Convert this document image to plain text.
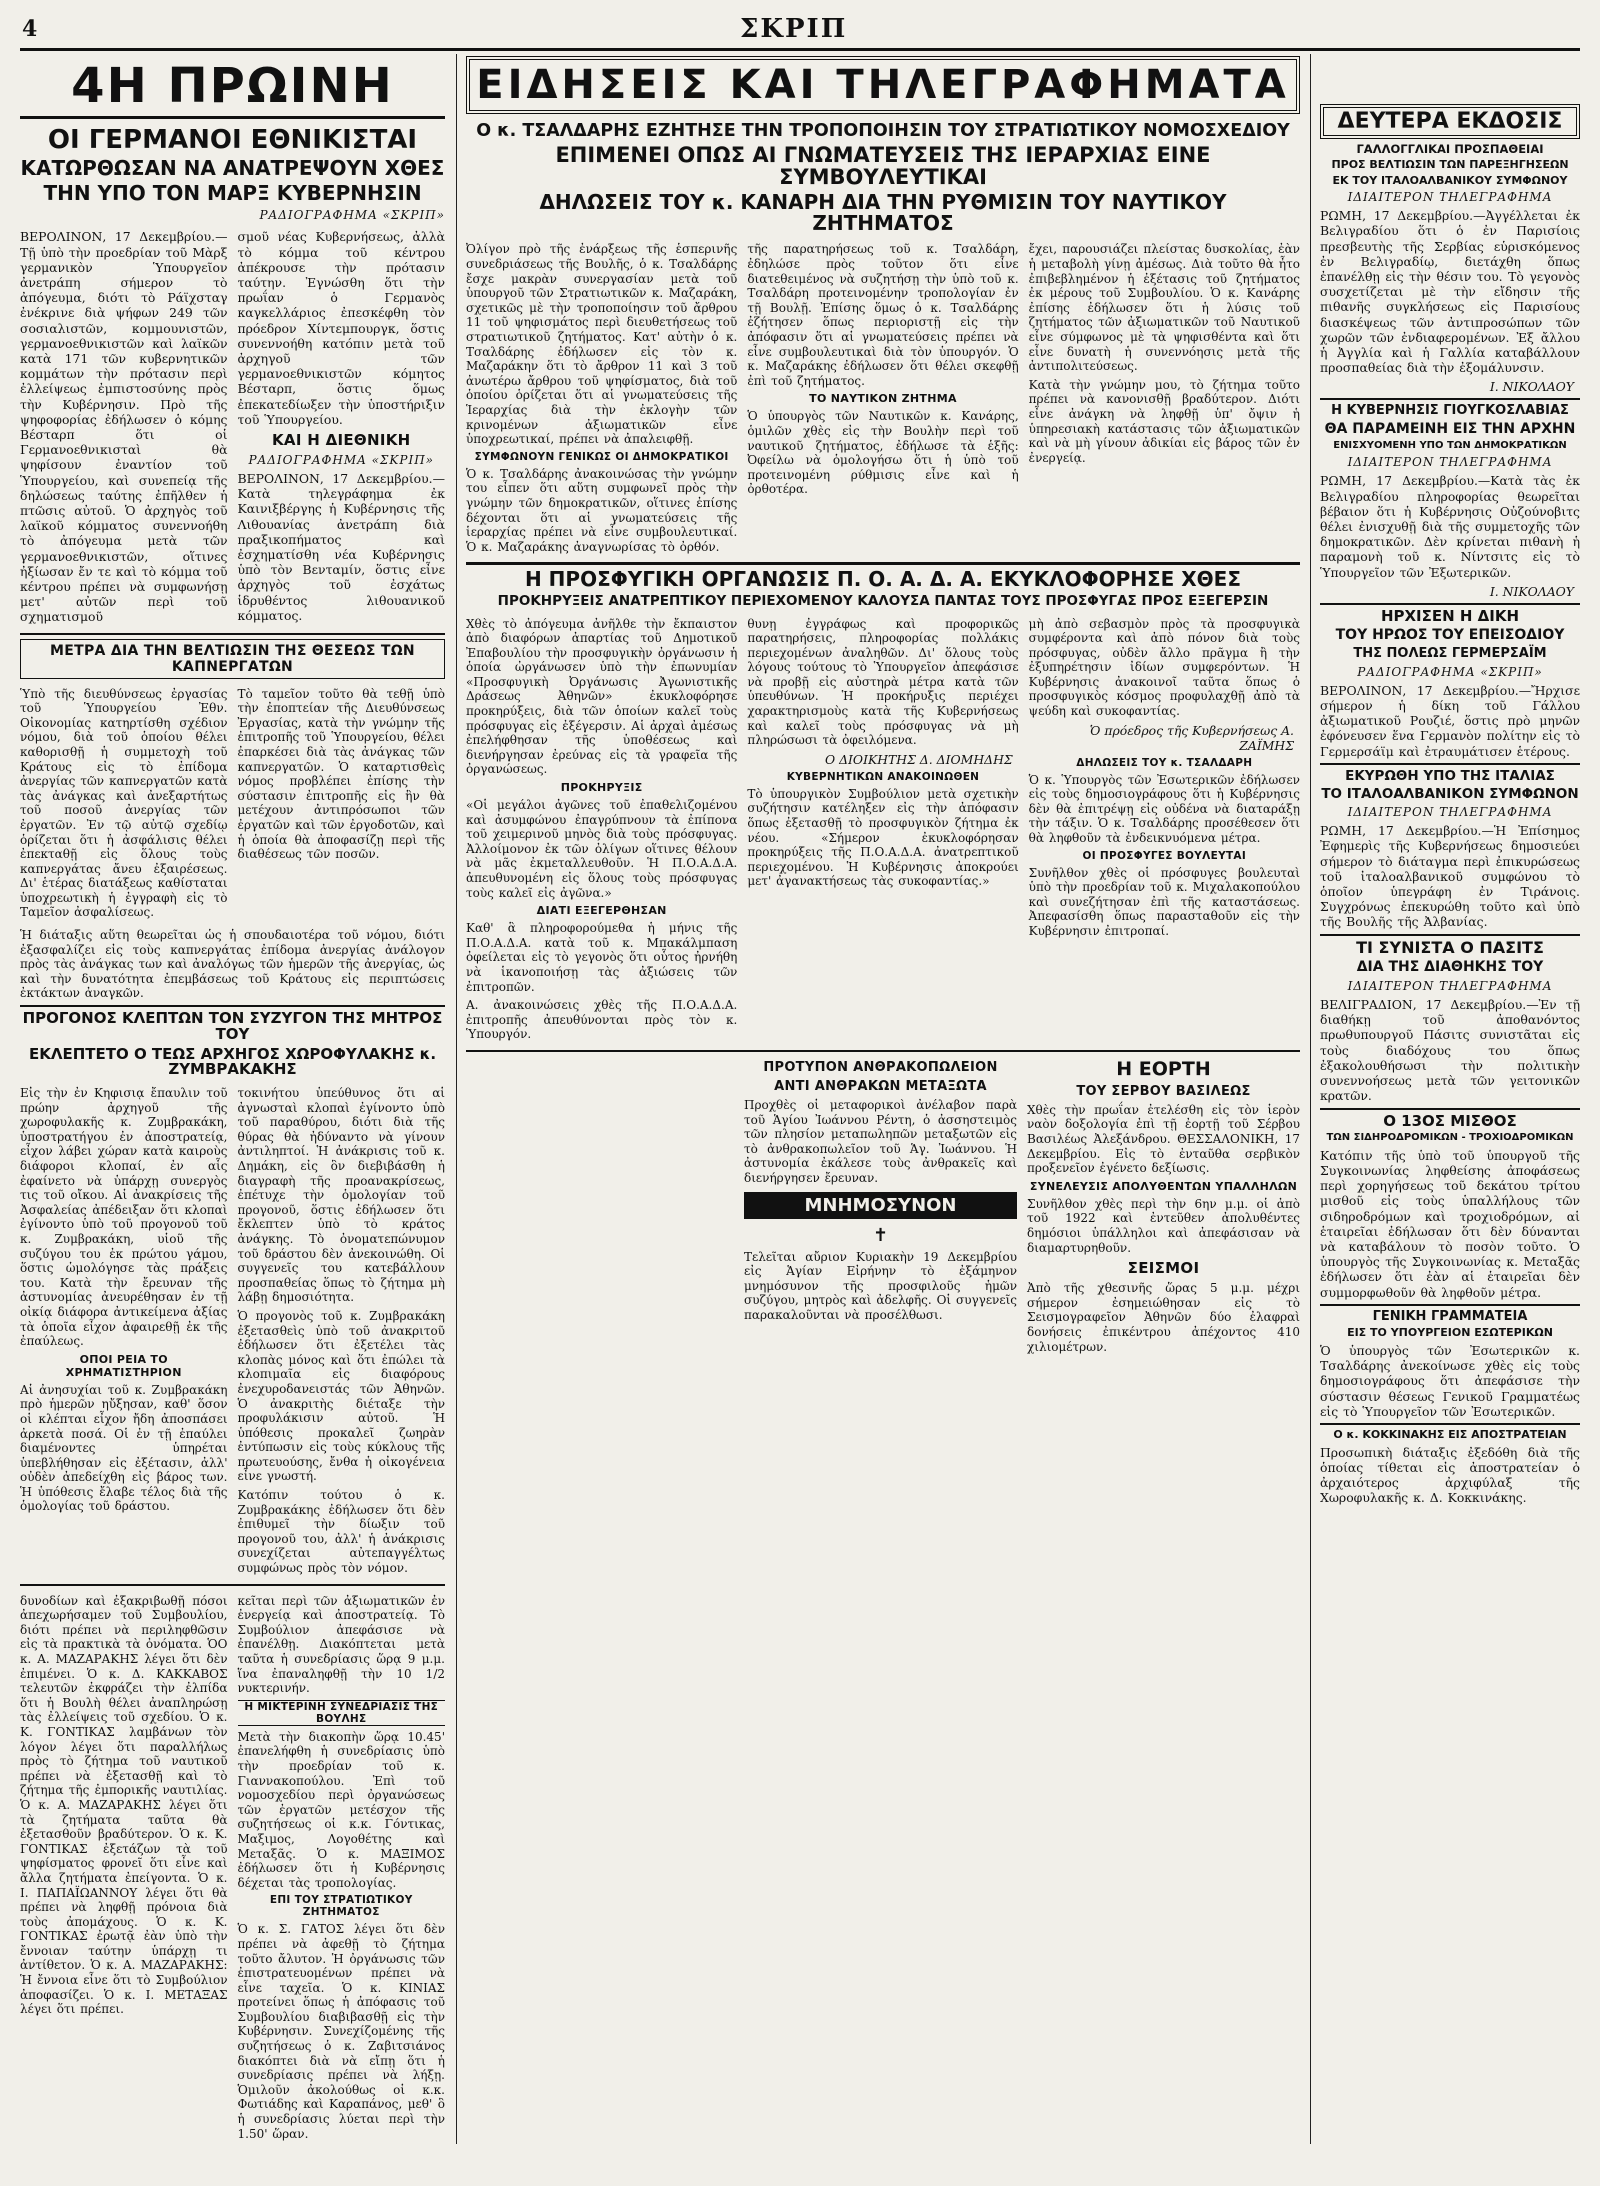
4	ΣΚΡΙΠ
4Η ΠΡΩΙΝΗ
ΟΙ ΓΕΡΜΑΝΟΙ ΕΘΝΙΚΙΣΤΑΙ
ΚΑΤΩΡΘΩΣΑΝ ΝΑ ΑΝΑΤΡΕΨΟΥΝ ΧΘΕΣ
ΤΗΝ ΥΠΟ ΤΟΝ ΜΑΡΞ ΚΥΒΕΡΝΗΣΙΝ
ΡΑΔΙΟΓΡΑΦΗΜΑ «ΣΚΡΙΠ»

ΒΕΡΟΛΙΝΟΝ, 17 Δεκεμβρίου.—Τῇ ὑπὸ τὴν προεδρίαν τοῦ Μὰρξ γερμανικὸν Ὑπουργεῖον ἀνετράπη σήμερον τὸ ἀπόγευμα, διότι τὸ Ράϊχσταγ ἐνέκρινε διὰ ψήφων 249 τῶν σοσιαλιστῶν, κομμουνιστῶν, γερμανοεθνικιστῶν καὶ λαϊκῶν κατὰ 171 τῶν κυβερνητικῶν κομμάτων τὴν πρότασιν περὶ ἐλλείψεως ἐμπιστοσύνης πρὸς τὴν Κυβέρνησιν. Πρὸ τῆς ψηφοφορίας ἐδήλωσεν ὁ κόμης Βέσταρπ ὅτι οἱ Γερμανοεθνικισταὶ θὰ ψηφίσουν ἐναντίον τοῦ Ὑπουργείου, καὶ συνεπείᾳ τῆς δηλώσεως ταύτης ἐπῆλθεν ἡ πτῶσις αὐτοῦ. Ὁ ἀρχηγὸς τοῦ λαϊκοῦ κόμματος συνεννοήθη τὸ ἀπόγευμα μετὰ τῶν γερμανοεθνικιστῶν, οἵτινες ἠξίωσαν ἔν τε καὶ τὸ κόμμα τοῦ κέντρου πρέπει νὰ συμφωνήσῃ μετ' αὐτῶν περὶ τοῦ σχηματισμοῦ

σμοῦ νέας Κυβερνήσεως, ἀλλὰ τὸ κόμμα τοῦ κέντρου ἀπέκρουσε τὴν πρότασιν ταύτην. Ἐγνώσθη ὅτι τὴν πρωΐαν ὁ Γερμανὸς καγκελλάριος ἐπεσκέφθη τὸν πρόεδρον Χίντεμπουργκ, ὅστις συνεννοήθη κατόπιν μετὰ τοῦ ἀρχηγοῦ τῶν γερμανοεθνικιστῶν κόμητος Βέσταρπ, ὅστις ὅμως ἐπεκατεδίωξεν τὴν ὑποστήριξιν τοῦ Ὑπουργείου.

ΚΑΙ Η ΔΙΕΘΝΙΚΗ
ΡΑΔΙΟΓΡΑΦΗΜΑ «ΣΚΡΙΠ»

ΒΕΡΟΛΙΝΟΝ, 17 Δεκεμβρίου.—Κατὰ τηλεγράφημα ἐκ Καινιξβέργης ἡ Κυβέρνησις τῆς Λιθουανίας ἀνετράπη διὰ πραξικοπήματος καὶ ἐσχηματίσθη νέα Κυβέρνησις ὑπὸ τὸν Βενταμίν, ὅστις εἶνε ἀρχηγὸς τοῦ ἐσχάτως ἱδρυθέντος λιθουανικοῦ κόμματος.

ΜΕΤΡΑ ΔΙΑ ΤΗΝ ΒΕΛΤΙΩΣΙΝ ΤΗΣ ΘΕΣΕΩΣ ΤΩΝ ΚΑΠΝΕΡΓΑΤΩΝ

Ὑπὸ τῆς διευθύνσεως ἐργασίας τοῦ Ὑπουργείου Ἐθν. Οἰκονομίας κατηρτίσθη σχέδιον νόμου, διὰ τοῦ ὁποίου θέλει καθορισθῇ ἡ συμμετοχὴ τοῦ Κράτους εἰς τὸ ἐπίδομα ἀνεργίας τῶν καπνεργατῶν κατὰ τὰς ἀνάγκας καὶ ἀνεξαρτήτως τοῦ ποσοῦ ἀνεργίας τῶν ἐργατῶν. Ἐν τῷ αὐτῷ σχεδίῳ ὁρίζεται ὅτι ἡ ἀσφάλισις θέλει ἐπεκταθῇ εἰς ὅλους τοὺς καπνεργάτας ἄνευ ἐξαιρέσεως. Δι' ἑτέρας διατάξεως καθίσταται ὑποχρεωτικὴ ἡ ἐγγραφὴ εἰς τὸ Ταμεῖον ἀσφαλίσεως.

Τὸ ταμεῖον τοῦτο θὰ τεθῇ ὑπὸ τὴν ἐποπτείαν τῆς Διευθύνσεως Ἐργασίας, κατὰ τὴν γνώμην τῆς ἐπιτροπῆς τοῦ Ὑπουργείου, θέλει ἐπαρκέσει διὰ τὰς ἀνάγκας τῶν καπνεργατῶν. Ὁ καταρτισθεὶς νόμος προβλέπει ἐπίσης τὴν σύστασιν ἐπιτροπῆς εἰς ἣν θὰ μετέχουν ἀντιπρόσωποι τῶν ἐργατῶν καὶ τῶν ἐργοδοτῶν, καὶ ἡ ὁποία θὰ ἀποφασίζῃ περὶ τῆς διαθέσεως τῶν ποσῶν.

Ἡ διάταξις αὕτη θεωρεῖται ὡς ἡ σπουδαιοτέρα τοῦ νόμου, διότι ἐξασφαλίζει εἰς τοὺς καπνεργάτας ἐπίδομα ἀνεργίας ἀνάλογον πρὸς τὰς ἀνάγκας των καὶ ἀναλόγως τῶν ἡμερῶν τῆς ἀνεργίας, ὡς καὶ τὴν δυνατότητα ἐπεμβάσεως τοῦ Κράτους εἰς περιπτώσεις ἐκτάκτων ἀναγκῶν.

ΠΡΟΓΟΝΟΣ ΚΛΕΠΤΩΝ ΤΟΝ ΣΥΖΥΓΟΝ ΤΗΣ ΜΗΤΡΟΣ ΤΟΥ
ΕΚΛΕΠΤΕΤΟ Ο ΤΕΩΣ ΑΡΧΗΓΟΣ ΧΩΡΟΦΥΛΑΚΗΣ κ. ΖΥΜΒΡΑΚΑΚΗΣ

Εἰς τὴν ἐν Κηφισιᾳ ἔπαυλιν τοῦ πρώην ἀρχηγοῦ τῆς χωροφυλακῆς κ. Ζυμβρακάκη, ὑποστρατήγου ἐν ἀποστρατείᾳ, εἶχον λάβει χώραν κατὰ καιροὺς διάφοροι κλοπαί, ἐν αἷς ἐφαίνετο νὰ ὑπάρχῃ συνεργὸς τις τοῦ οἴκου. Αἱ ἀνακρίσεις τῆς Ἀσφαλείας ἀπέδειξαν ὅτι κλοπαὶ ἐγίνοντο ὑπὸ τοῦ προγονοῦ τοῦ κ. Ζυμβρακάκη, υἱοῦ τῆς συζύγου του ἐκ πρώτου γάμου, ὅστις ὡμολόγησε τὰς πράξεις του. Κατὰ τὴν ἔρευναν τῆς ἀστυνομίας ἀνευρέθησαν ἐν τῇ οἰκίᾳ διάφορα ἀντικείμενα ἀξίας τὰ ὁποῖα εἶχον ἀφαιρεθῇ ἐκ τῆς ἐπαύλεως.

ΟΠΟΙ ΡΕΙΑ ΤΟ ΧΡΗΜΑΤΙΣΤΗΡΙΟΝ

Αἱ ἀνησυχίαι τοῦ κ. Ζυμβρακάκη πρὸ ἡμερῶν ηὔξησαν, καθ' ὅσον οἱ κλέπται εἶχον ἤδη ἀποσπάσει ἀρκετὰ ποσά. Οἱ ἐν τῇ ἐπαύλει διαμένοντες ὑπηρέται ὑπεβλήθησαν εἰς ἐξέτασιν, ἀλλ' οὐδὲν ἀπεδείχθη εἰς βάρος των. Ἡ ὑπόθεσις ἔλαβε τέλος διὰ τῆς ὁμολογίας τοῦ δράστου.

τοκινήτου ὑπεύθυνος ὅτι αἱ ἀγνωσταὶ κλοπαὶ ἐγίνοντο ὑπὸ τοῦ παραθύρου, διότι διὰ τῆς θύρας θὰ ἠδύναντο νὰ γίνουν ἀντιληπτοί. Ἡ ἀνάκρισις τοῦ κ. Δημάκη, εἰς ὃν διεβιβάσθη ἡ διαγραφὴ τῆς προανακρίσεως, ἐπέτυχε τὴν ὁμολογίαν τοῦ προγονοῦ, ὅστις ἐδήλωσεν ὅτι ἔκλεπτεν ὑπὸ τὸ κράτος ἀνάγκης. Τὸ ὀνοματεπώνυμον τοῦ δράστου δὲν ἀνεκοινώθη. Οἱ συγγενεῖς του κατεβάλλουν προσπαθείας ὅπως τὸ ζήτημα μὴ λάβῃ δημοσιότητα.

Ὁ προγονὸς τοῦ κ. Ζυμβρακάκη ἐξετασθεὶς ὑπὸ τοῦ ἀνακριτοῦ ἐδήλωσεν ὅτι ἐξετέλει τὰς κλοπὰς μόνος καὶ ὅτι ἐπώλει τὰ κλοπιμαῖα εἰς διαφόρους ἐνεχυροδανειστάς τῶν Ἀθηνῶν. Ὁ ἀνακριτὴς διέταξε τὴν προφυλάκισιν αὐτοῦ. Ἡ ὑπόθεσις προκαλεῖ ζωηρὰν ἐντύπωσιν εἰς τοὺς κύκλους τῆς πρωτευούσης, ἔνθα ἡ οἰκογένεια εἶνε γνωστή.

Κατόπιν τούτου ὁ κ. Ζυμβρακάκης ἐδήλωσεν ὅτι δὲν ἐπιθυμεῖ τὴν δίωξιν τοῦ προγονοῦ του, ἀλλ' ἡ ἀνάκρισις συνεχίζεται αὐτεπαγγέλτως συμφώνως πρὸς τὸν νόμον.

δυνοδίων καὶ ἐξακριβωθῇ πόσοι ἀπεχωρήσαμεν τοῦ Συμβουλίου, διότι πρέπει νὰ περιληφθῶσιν εἰς τὰ πρακτικὰ τὰ ὀνόματα. ὉΟ κ. Α. ΜΑΖΑΡΑΚΗΣ λέγει ὅτι δὲν ἐπιμένει. Ὁ κ. Δ. ΚΑΚΚΑΒΟΣ τελευτῶν ἐκφράζει τὴν ἐλπίδα ὅτι ἡ Βουλὴ θέλει ἀναπληρώσῃ τὰς ἐλλείψεις τοῦ σχεδίου. Ὁ κ. Κ. ΓΟΝΤΙΚΑΣ λαμβάνων τὸν λόγον λέγει ὅτι παραλλήλως πρὸς τὸ ζήτημα τοῦ ναυτικοῦ πρέπει νὰ ἐξετασθῇ καὶ τὸ ζήτημα τῆς ἐμπορικῆς ναυτιλίας. Ὁ κ. Α. ΜΑΖΑΡΑΚΗΣ λέγει ὅτι τὰ ζητήματα ταῦτα θὰ ἐξετασθοῦν βραδύτερον. Ὁ κ. Κ. ΓΟΝΤΙΚΑΣ ἐξετάζων τὰ τοῦ ψηφίσματος φρονεῖ ὅτι εἶνε καὶ ἄλλα ζητήματα ἐπείγοντα. Ὁ κ. Ι. ΠΑΠΑΪΩΑΝΝΟΥ λέγει ὅτι θὰ πρέπει νὰ ληφθῇ πρόνοια διὰ τοὺς ἀπομάχους. Ὁ κ. Κ. ΓΟΝΤΙΚΑΣ ἐρωτᾷ ἐὰν ὑπὸ τὴν ἔννοιαν ταύτην ὑπάρχῃ τι ἀντίθετον. Ὁ κ. Α. ΜΑΖΑΡΑΚΗΣ: Ἡ ἔννοια εἶνε ὅτι τὸ Συμβούλιον ἀποφασίζει. Ὁ κ. Ι. ΜΕΤΑΞΑΣ λέγει ὅτι πρέπει.

κεῖται περὶ τῶν ἀξιωματικῶν ἐν ἐνεργείᾳ καὶ ἀποστρατείᾳ. Τὸ Συμβούλιον ἀπεφάσισε νὰ ἐπανέλθῃ. Διακόπτεται μετὰ ταῦτα ἡ συνεδρίασις ὥρᾳ 9 μ.μ. ἵνα ἐπαναληφθῇ τὴν 10 1/2 νυκτερινήν.

Η ΜΙΚΤΕΡΙΝΗ ΣΥΝΕΔΡΙΑΣΙΣ ΤΗΣ ΒΟΥΛΗΣ

Μετὰ τὴν διακοπὴν ὥρᾳ 10.45' ἐπανελήφθη ἡ συνεδρίασις ὑπὸ τὴν προεδρίαν τοῦ κ. Γιαννακοπούλου. Ἐπὶ τοῦ νομοσχεδίου περὶ ὀργανώσεως τῶν ἐργατῶν μετέσχον τῆς συζητήσεως οἱ κ.κ. Γόντικας, Μαξιμος, Λογοθέτης καὶ Μεταξᾶς. Ὁ κ. ΜΑΞΙΜΟΣ ἐδήλωσεν ὅτι ἡ Κυβέρνησις δέχεται τὰς τροπολογίας.

ΕΠΙ ΤΟΥ ΣΤΡΑΤΙΩΤΙΚΟΥ ΖΗΤΗΜΑΤΟΣ

Ὁ κ. Σ. ΓΑΤΟΣ λέγει ὅτι δὲν πρέπει νὰ ἀφεθῇ τὸ ζήτημα τοῦτο ἄλυτον. Ἡ ὀργάνωσις τῶν ἐπιστρατευομένων πρέπει νὰ εἶνε ταχεῖα. Ὁ κ. ΚΙΝΙΑΣ προτείνει ὅπως ἡ ἀπόφασις τοῦ Συμβουλίου διαβιβασθῇ εἰς τὴν Κυβέρνησιν. Συνεχίζομένης τῆς συζητήσεως ὁ κ. Ζαβιτσιάνος διακόπτει διὰ νὰ εἴπῃ ὅτι ἡ συνεδρίασις πρέπει νὰ λήξῃ. Ὁμιλοῦν ἀκολούθως οἱ κ.κ. Φωτιάδης καὶ Καραπάνος, μεθ' ὃ ἡ συνεδρίασις λύεται περὶ τὴν 1.50' ὥραν.

ΕΙΔΗΣΕΙΣ ΚΑΙ ΤΗΛΕΓΡΑΦΗΜΑΤΑ
Ο κ. ΤΣΑΛΔΑΡΗΣ ΕΖΗΤΗΣΕ ΤΗΝ ΤΡΟΠΟΠΟΙΗΣΙΝ ΤΟΥ ΣΤΡΑΤΙΩΤΙΚΟΥ ΝΟΜΟΣΧΕΔΙΟΥ
ΕΠΙΜΕΝΕΙ ΟΠΩΣ ΑΙ ΓΝΩΜΑΤΕΥΣΕΙΣ ΤΗΣ ΙΕΡΑΡΧΙΑΣ ΕΙΝΕ ΣΥΜΒΟΥΛΕΥΤΙΚΑΙ
ΔΗΛΩΣΕΙΣ ΤΟΥ κ. ΚΑΝΑΡΗ ΔΙΑ ΤΗΝ ΡΥΘΜΙΣΙΝ ΤΟΥ ΝΑΥΤΙΚΟΥ ΖΗΤΗΜΑΤΟΣ

Ὀλίγον πρὸ τῆς ἐνάρξεως τῆς ἑσπερινῆς συνεδριάσεως τῆς Βουλῆς, ὁ κ. Τσαλδάρης ἔσχε μακρὰν συνεργασίαν μετὰ τοῦ ὑπουργοῦ τῶν Στρατιωτικῶν κ. Μαζαράκη, σχετικῶς μὲ τὴν τροποποίησιν τοῦ ἄρθρου 11 τοῦ ψηφισμάτος περὶ διευθετήσεως τοῦ στρατιωτικοῦ ζητήματος. Κατ' αὐτὴν ὁ κ. Τσαλδάρης ἐδήλωσεν εἰς τὸν κ. Μαζαράκην ὅτι τὸ ἄρθρον 11 καὶ 3 τοῦ ἀνωτέρω ἄρθρου τοῦ ψηφίσματος, διὰ τοῦ ὁποίου ὁρίζεται ὅτι αἱ γνωματεύσεις τῆς Ἱεραρχίας διὰ τὴν ἐκλογὴν τῶν κρινομένων ἀξιωματικῶν εἶνε ὑποχρεωτικαί, πρέπει νὰ ἀπαλειφθῇ.

ΣΥΜΦΩΝΟΥΝ ΓΕΝΙΚΩΣ ΟΙ ΔΗΜΟΚΡΑΤΙΚΟΙ

Ὁ κ. Τσαλδάρης ἀνακοινώσας τὴν γνώμην του εἶπεν ὅτι αὕτη συμφωνεῖ πρὸς τὴν γνώμην τῶν δημοκρατικῶν, οἵτινες ἐπίσης δέχονται ὅτι αἱ γνωματεύσεις τῆς ἱεραρχίας πρέπει νὰ εἶνε συμβουλευτικαί. Ὁ κ. Μαζαράκης ἀναγνωρίσας τὸ ὀρθόν.

τῆς παρατηρήσεως τοῦ κ. Τσαλδάρη, ἐδηλώσε πρὸς τοῦτον ὅτι εἶνε διατεθειμένος νὰ συζητήσῃ τὴν ὑπὸ τοῦ κ. Τσαλδάρη προτεινομένην τροπολογίαν ἐν τῇ Βουλῇ. Ἐπίσης ὅμως ὁ κ. Τσαλδάρης ἐζήτησεν ὅπως περιοριστῇ εἰς τὴν ἀπόφασιν ὅτι αἱ γνωματεύσεις πρέπει νὰ εἶνε συμβουλευτικαὶ διὰ τὸν ὑπουργόν. Ὁ κ. Μαζαράκης ἐδήλωσεν ὅτι θέλει σκεφθῇ ἐπὶ τοῦ ζητήματος.

ΤΟ ΝΑΥΤΙΚΟΝ ΖΗΤΗΜΑ

Ὁ ὑπουργὸς τῶν Ναυτικῶν κ. Κανάρης, ὁμιλῶν χθὲς εἰς τὴν Βουλὴν περὶ τοῦ ναυτικοῦ ζητήματος, ἐδήλωσε τὰ ἑξῆς: Ὀφείλω νὰ ὁμολογήσω ὅτι ἡ ὑπὸ τοῦ προτεινομένη ρύθμισις εἶνε καὶ ἡ ὀρθοτέρα.

ἔχει, παρουσιάζει πλείστας δυσκολίας, ἐὰν ἡ μεταβολὴ γίνῃ ἀμέσως. Διὰ τοῦτο θὰ ἦτο ἐπιβεβλημένον ἡ ἐξέτασις τοῦ ζητήματος ἐκ μέρους τοῦ Συμβουλίου. Ὁ κ. Κανάρης ἐπίσης ἐδήλωσεν ὅτι ἡ λύσις τοῦ ζητήματος τῶν ἀξιωματικῶν τοῦ Ναυτικοῦ εἶνε σύμφωνος μὲ τὰ ψηφισθέντα καὶ ὅτι εἶνε δυνατὴ ἡ συνεννόησις μετὰ τῆς ἀντιπολιτεύσεως.

Κατὰ τὴν γνώμην μου, τὸ ζήτημα τοῦτο πρέπει νὰ κανονισθῇ βραδύτερον. Διότι εἶνε ἀνάγκη νὰ ληφθῇ ὑπ' ὄψιν ἡ ὑπηρεσιακὴ κατάστασις τῶν ἀξιωματικῶν καὶ νὰ μὴ γίνουν ἀδικίαι εἰς βάρος τῶν ἐν ἐνεργείᾳ.

Η ΠΡΟΣΦΥΓΙΚΗ ΟΡΓΑΝΩΣΙΣ Π. Ο. Α. Δ. Α. ΕΚΥΚΛΟΦΟΡΗΣΕ ΧΘΕΣ
ΠΡΟΚΗΡΥΞΕΙΣ ΑΝΑΤΡΕΠΤΙΚΟΥ ΠΕΡΙΕΧΟΜΕΝΟΥ ΚΑΛΟΥΣΑ ΠΑΝΤΑΣ ΤΟΥΣ ΠΡΟΣΦΥΓΑΣ ΠΡΟΣ ΕΞΕΓΕΡΣΙΝ

Χθὲς τὸ ἀπόγευμα ἀνῆλθε τὴν ἔκπαιστον ἀπὸ διαφόρων ἀπαρτίας τοῦ Δημοτικοῦ Ἐπαβουλίου τὴν προσφυγικὴν ὀργάνωσιν ἡ ὁποία ὠργάνωσεν ὑπὸ τὴν ἐπωνυμίαν «Προσφυγικὴ Ὀργάνωσις Ἀγωνιστικῆς Δράσεως Ἀθηνῶν» ἐκυκλοφόρησε προκηρύξεις, διὰ τῶν ὁποίων καλεῖ τοὺς πρόσφυγας εἰς ἐξέγερσιν. Αἱ ἀρχαὶ ἀμέσως ἐπελήφθησαν τῆς ὑποθέσεως καὶ διενήργησαν ἐρεύνας εἰς τὰ γραφεῖα τῆς ὀργανώσεως.

ΠΡΟΚΗΡΥΞΙΣ

«Οἱ μεγάλοι ἀγῶνες τοῦ ἐπαθελιζομένου καὶ ἀσυμφώνου ἐπαγρύπνουν τὰ ἐπίπονα τοῦ χειμερινοῦ μηνὸς διὰ τοὺς πρόσφυγας. Ἀλλοίμονον ἐκ τῶν ὀλίγων οἵτινες θέλουν νὰ μᾶς ἐκμεταλλευθοῦν. Ἡ Π.Ο.Α.Δ.Α. ἀπευθυνομένη εἰς ὅλους τοὺς πρόσφυγας τοὺς καλεῖ εἰς ἀγῶνα.»

ΔΙΑΤΙ ΕΞΕΓΕΡΘΗΣΑΝ

Καθ' ἃ πληροφορούμεθα ἡ μήνις τῆς Π.Ο.Α.Δ.Α. κατὰ τοῦ κ. Μπακάλμπαση ὀφείλεται εἰς τὸ γεγονὸς ὅτι οὗτος ἠρνήθη νὰ ἱκανοποιήσῃ τὰς ἀξιώσεις τῶν ἐπιτροπῶν.

Α. ἀνακοινώσεις χθὲς τῆς Π.Ο.Α.Δ.Α. ἐπιτροπῆς ἀπευθύνονται πρὸς τὸν κ. Ὑπουργόν.

θυνῃ ἐγγράφως καὶ προφορικῶς παρατηρήσεις, πληροφορίας πολλάκις περιεχομένων ἀναληθῶν. Δι' ὅλους τοὺς λόγους τούτους τὸ Ὑπουργεῖον ἀπεφάσισε νὰ προβῇ εἰς αὐστηρὰ μέτρα κατὰ τῶν ὑπευθύνων. Ἡ προκήρυξις περιέχει χαρακτηρισμοὺς κατὰ τῆς Κυβερνήσεως καὶ καλεῖ τοὺς πρόσφυγας νὰ μὴ πληρώσωσι τὰ ὀφειλόμενα.

Ο ΔΙΟΙΚΗΤΗΣ Δ. ΔΙΟΜΗΔΗΣ
ΚΥΒΕΡΝΗΤΙΚΩΝ ΑΝΑΚΟΙΝΩΘΕΝ

Τὸ ὑπουργικὸν Συμβούλιον μετὰ σχετικὴν συζήτησιν κατέληξεν εἰς τὴν ἀπόφασιν ὅπως ἐξετασθῇ τὸ προσφυγικὸν ζήτημα ἐκ νέου. «Σήμερον ἐκυκλοφόρησαν προκηρύξεις τῆς Π.Ο.Α.Δ.Α. ἀνατρεπτικοῦ περιεχομένου. Ἡ Κυβέρνησις ἀποκρούει μετ' ἀγανακτήσεως τὰς συκοφαντίας.»

μὴ ἀπὸ σεβασμὸν πρὸς τὰ προσφυγικὰ συμφέροντα καὶ ἀπὸ πόνον διὰ τοὺς πρόσφυγας, οὐδὲν ἄλλο πρᾶγμα ἢ τὴν ἐξυπηρέτησιν ἰδίων συμφερόντων. Ἡ Κυβέρνησις ἀνακοινοῖ ταῦτα ὅπως ὁ προσφυγικὸς κόσμος προφυλαχθῇ ἀπὸ τὰ ψεύδη καὶ συκοφαντίας.

Ὁ πρόεδρος τῆς Κυβερνήσεως Α. ΖΑΪΜΗΣ
ΔΗΛΩΣΕΙΣ ΤΟΥ κ. ΤΣΑΛΔΑΡΗ

Ὁ κ. Ὑπουργὸς τῶν Ἐσωτερικῶν ἐδήλωσεν εἰς τοὺς δημοσιογράφους ὅτι ἡ Κυβέρνησις δὲν θὰ ἐπιτρέψῃ εἰς οὐδένα νὰ διαταράξῃ τὴν τάξιν. Ὁ κ. Τσαλδάρης προσέθεσεν ὅτι θὰ ληφθοῦν τὰ ἐνδεικνυόμενα μέτρα.

ΟΙ ΠΡΟΣΦΥΓΕΣ ΒΟΥΛΕΥΤΑΙ

Συνῆλθον χθὲς οἱ πρόσφυγες βουλευταὶ ὑπὸ τὴν προεδρίαν τοῦ κ. Μιχαλακοπούλου καὶ συνεζήτησαν ἐπὶ τῆς καταστάσεως. Ἀπεφασίσθη ὅπως παρασταθοῦν εἰς τὴν Κυβέρνησιν ἐπιτροπαί.

ΠΡΟΤΥΠΟΝ ΑΝΘΡΑΚΟΠΩΛΕΙΟΝ
ΑΝΤΙ ΑΝΘΡΑΚΩΝ ΜΕΤΑΞΩΤΑ

Προχθὲς οἱ μεταφορικοὶ ἀνέλαβον παρὰ τοῦ Ἁγίου Ἰωάννου Ρέντη, ὁ ἀσσηστειμὸς τῶν πλησίον μεταπωληπῶν μεταξωτῶν εἰς τὸ ἀνθρακοπωλεῖον τοῦ Ἁγ. Ἰωάννου. Ἡ ἀστυνομία ἐκάλεσε τοὺς ἀνθρακεῖς καὶ διενήργησεν ἔρευναν.

ΜΝΗΜΟΣΥΝΟΝ
✝

Τελεῖται αὔριον Κυριακὴν 19 Δεκεμβρίου εἰς Ἁγίαν Εἰρήνην τὸ ἐξάμηνον μνημόσυνον τῆς προσφιλοῦς ἡμῶν συζύγου, μητρὸς καὶ ἀδελφῆς. Οἱ συγγενεῖς παρακαλοῦνται νὰ προσέλθωσι.

Η ΕΟΡΤΗ
ΤΟΥ ΣΕΡΒΟΥ ΒΑΣΙΛΕΩΣ

Χθὲς τὴν πρωΐαν ἐτελέσθη εἰς τὸν ἱερὸν ναὸν δοξολογία ἐπὶ τῇ ἐορτῇ τοῦ Σέρβου Βασιλέως Ἀλεξάνδρου. ΘΕΣΣΑΛΟΝΙΚΗ, 17 Δεκεμβρίου. Εἰς τὸ ἐνταῦθα σερβικὸν προξενεῖον ἐγένετο δεξίωσις.

ΣΥΝΕΛΕΥΣΙΣ ΑΠΟΛΥΘΕΝΤΩΝ ΥΠΑΛΛΗΛΩΝ

Συνῆλθον χθὲς περὶ τὴν 6ην μ.μ. οἱ ἀπὸ τοῦ 1922 καὶ ἐντεῦθεν ἀπολυθέντες δημόσιοι ὑπάλληλοι καὶ ἀπεφάσισαν νὰ διαμαρτυρηθοῦν.

ΣΕΙΣΜΟΙ

Ἀπὸ τῆς χθεσινῆς ὥρας 5 μ.μ. μέχρι σήμερον ἐσημειώθησαν εἰς τὸ Σεισμογραφεῖον Ἀθηνῶν δύο ἐλαφραὶ δονήσεις ἐπικέντρου ἀπέχοντος 410 χιλιομέτρων.

ΔΕΥΤΕΡΑ ΕΚΔΟΣΙΣ
ΓΑΛΛΟΓΓΛΙΚΑΙ ΠΡΟΣΠΑΘΕΙΑΙ
ΠΡΟΣ ΒΕΛΤΙΩΣΙΝ ΤΩΝ ΠΑΡΕΞΗΓΗΣΕΩΝ
ΕΚ ΤΟΥ ΙΤΑΛΟΑΛΒΑΝΙΚΟΥ ΣΥΜΦΩΝΟΥ
ΙΔΙΑΙΤΕΡΟΝ ΤΗΛΕΓΡΑΦΗΜΑ

ΡΩΜΗ, 17 Δεκεμβρίου.—Ἀγγέλλεται ἐκ Βελιγραδίου ὅτι ὁ ἐν Παρισίοις πρεσβευτὴς τῆς Σερβίας εὑρισκόμενος ἐν Βελιγραδίῳ, διετάχθη ὅπως ἐπανέλθῃ εἰς τὴν θέσιν του. Τὸ γεγονὸς συσχετίζεται μὲ τὴν εἴδησιν τῆς πιθανῆς συγκλήσεως εἰς Παρισίους διασκέψεως τῶν ἀντιπροσώπων τῶν χωρῶν τῶν ἐνδιαφερομένων. Ἐξ ἄλλου ἡ Ἀγγλία καὶ ἡ Γαλλία καταβάλλουν προσπαθείας διὰ τὴν ἐξομάλυνσιν.

Ι. ΝΙΚΟΛΑΟΥ
Η ΚΥΒΕΡΝΗΣΙΣ ΓΙΟΥΓΚΟΣΛΑΒΙΑΣ
ΘΑ ΠΑΡΑΜΕΙΝΗ ΕΙΣ ΤΗΝ ΑΡΧΗΝ
ΕΝΙΣΧΥΟΜΕΝΗ ΥΠΟ ΤΩΝ ΔΗΜΟΚΡΑΤΙΚΩΝ
ΙΔΙΑΙΤΕΡΟΝ ΤΗΛΕΓΡΑΦΗΜΑ

ΡΩΜΗ, 17 Δεκεμβρίου.—Κατὰ τὰς ἐκ Βελιγραδίου πληροφορίας θεωρεῖται βέβαιον ὅτι ἡ Κυβέρνησις Οὐζούνοβιτς θέλει ἐνισχυθῇ διὰ τῆς συμμετοχῆς τῶν δημοκρατικῶν. Δὲν κρίνεται πιθανὴ ἡ παραμονὴ τοῦ κ. Νίντσιτς εἰς τὸ Ὑπουργεῖον τῶν Ἐξωτερικῶν.

Ι. ΝΙΚΟΛΑΟΥ
ΗΡΧΙΣΕΝ Η ΔΙΚΗ
ΤΟΥ ΗΡΩΟΣ ΤΟΥ ΕΠΕΙΣΟΔΙΟΥ
ΤΗΣ ΠΟΛΕΩΣ ΓΕΡΜΕΡΣΑΪΜ
ΡΑΔΙΟΓΡΑΦΗΜΑ «ΣΚΡΙΠ»

ΒΕΡΟΛΙΝΟΝ, 17 Δεκεμβρίου.—Ἤρχισε σήμερον ἡ δίκη τοῦ Γάλλου ἀξιωματικοῦ Ρουζιέ, ὅστις πρὸ μηνῶν ἐφόνευσεν ἕνα Γερμανὸν πολίτην εἰς τὸ Γερμερσάϊμ καὶ ἐτραυμάτισεν ἑτέρους.

ΕΚΥΡΩΘΗ ΥΠΟ ΤΗΣ ΙΤΑΛΙΑΣ
ΤΟ ΙΤΑΛΟΑΛΒΑΝΙΚΟΝ ΣΥΜΦΩΝΟΝ
ΙΔΙΑΙΤΕΡΟΝ ΤΗΛΕΓΡΑΦΗΜΑ

ΡΩΜΗ, 17 Δεκεμβρίου.—Ἡ Ἐπίσημος Ἐφημερὶς τῆς Κυβερνήσεως δημοσιεύει σήμερον τὸ διάταγμα περὶ ἐπικυρώσεως τοῦ ἰταλοαλβανικοῦ συμφώνου τὸ ὁποῖον ὑπεγράφη ἐν Τιράνοις. Συγχρόνως ἐπεκυρώθη τοῦτο καὶ ὑπὸ τῆς Βουλῆς τῆς Ἀλβανίας.

ΤΙ ΣΥΝΙΣΤΑ Ο ΠΑΣΙΤΣ
ΔΙΑ ΤΗΣ ΔΙΑΘΗΚΗΣ ΤΟΥ
ΙΔΙΑΙΤΕΡΟΝ ΤΗΛΕΓΡΑΦΗΜΑ

ΒΕΛΙΓΡΑΔΙΟΝ, 17 Δεκεμβρίου.—Ἐν τῇ διαθήκῃ τοῦ ἀποθανόντος πρωθυπουργοῦ Πάσιτς συνιστᾶται εἰς τοὺς διαδόχους του ὅπως ἐξακολουθήσωσι τὴν πολιτικὴν συνεννοήσεως μετὰ τῶν γειτονικῶν κρατῶν.

Ο 13ΟΣ ΜΙΣΘΟΣ
ΤΩΝ ΣΙΔΗΡΟΔΡΟΜΙΚΩΝ - ΤΡΟΧΙΟΔΡΟΜΙΚΩΝ

Κατόπιν τῆς ὑπὸ τοῦ ὑπουργοῦ τῆς Συγκοινωνίας ληφθείσης ἀποφάσεως περὶ χορηγήσεως τοῦ δεκάτου τρίτου μισθοῦ εἰς τοὺς ὑπαλλήλους τῶν σιδηροδρόμων καὶ τροχιοδρόμων, αἱ ἑταιρεῖαι ἐδήλωσαν ὅτι δὲν δύνανται νὰ καταβάλουν τὸ ποσὸν τοῦτο. Ὁ ὑπουργὸς τῆς Συγκοινωνίας κ. Μεταξᾶς ἐδήλωσεν ὅτι ἐὰν αἱ ἑταιρεῖαι δὲν συμμορφωθοῦν θὰ ληφθοῦν μέτρα.

ΓΕΝΙΚΗ ΓΡΑΜΜΑΤΕΙΑ
ΕΙΣ ΤΟ ΥΠΟΥΡΓΕΙΟΝ ΕΣΩΤΕΡΙΚΩΝ

Ὁ ὑπουργὸς τῶν Ἐσωτερικῶν κ. Τσαλδάρης ἀνεκοίνωσε χθὲς εἰς τοὺς δημοσιογράφους ὅτι ἀπεφάσισε τὴν σύστασιν θέσεως Γενικοῦ Γραμματέως εἰς τὸ Ὑπουργεῖον τῶν Ἐσωτερικῶν.

Ο κ. ΚΟΚΚΙΝΑΚΗΣ ΕΙΣ ΑΠΟΣΤΡΑΤΕΙΑΝ

Προσωπικὴ διάταξις ἐξεδόθη διὰ τῆς ὁποίας τίθεται εἰς ἀποστρατείαν ὁ ἀρχαιότερος ἀρχιφύλαξ τῆς Χωροφυλακῆς κ. Δ. Κοκκινάκης.
